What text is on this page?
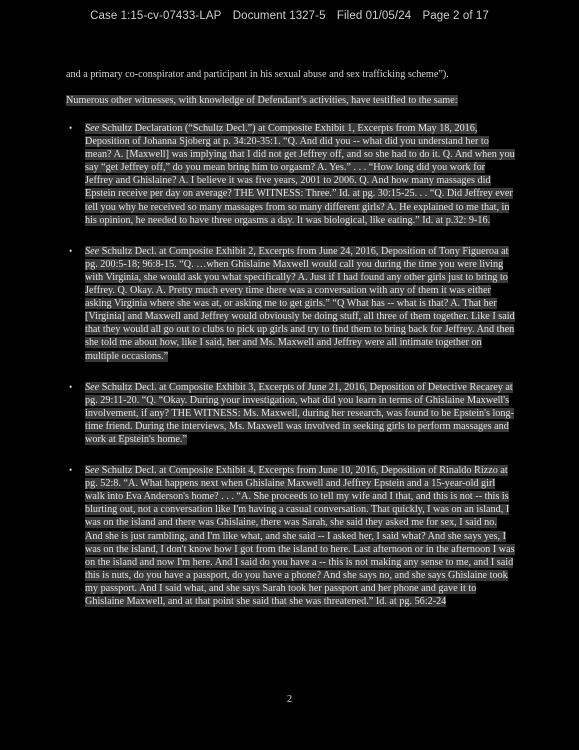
Case 1:15-cv-07433-LAP Document 1327-5 Filed 01/05/24 Page 2 of 17
and a primary co-conspirator and participant in his sexual abuse and sex trafficking scheme”).
Numerous other witnesses, with knowledge of Defendant’s activities, have testified to the same:
• See Schultz Declaration (“Schultz Decl.”) at Composite Exhibit 1, Excerpts from May 18, 2016, Deposition of Johanna Sjoberg at p. 34:20-35:1. “Q. And did you -- what did you understand her to mean? A. [Maxwell] was implying that I did not get Jeffrey off, and so she had to do it. Q. And when you say “get Jeffrey off,” do you mean bring him to orgasm? A. Yes.” . . . “How long did you work for Jeffrey and Ghislaine? A. I believe it was five years, 2001 to 2006. Q. And how many massages did Epstein receive per day on average? THE WITNESS: Three.” Id. at pg. 30:15-25. . . “Q. Did Jeffrey ever tell you why he received so many massages from so many different girls? A. He explained to me that, in his opinion, he needed to have three orgasms a day. It was biological, like eating.” Id. at p.32: 9-16.
• See Schultz Decl. at Composite Exhibit 2, Excerpts from June 24, 2016, Deposition of Tony Figueroa at pg. 200:5-18; 96:8-15. “Q. …when Ghislaine Maxwell would call you during the time you were living with Virginia, she would ask you what specifically? A. Just if I had found any other girls just to bring to Jeffrey. Q. Okay. A. Pretty much every time there was a conversation with any of them it was either asking Virginia where she was at, or asking me to get girls.” “Q What has -- what is that? A. That her [Virginia] and Maxwell and Jeffrey would obviously be doing stuff, all three of them together. Like I said that they would all go out to clubs to pick up girls and try to find them to bring back for Jeffrey. And then she told me about how, like I said, her and Ms. Maxwell and Jeffrey were all intimate together on multiple occasions.”
• See Schultz Decl. at Composite Exhibit 3, Excerpts of June 21, 2016, Deposition of Detective Recarey at pg. 29:11-20. “Q. “Okay. During your investigation, what did you learn in terms of Ghislaine Maxwell's involvement, if any? THE WITNESS: Ms. Maxwell, during her research, was found to be Epstein's long-time friend. During the interviews, Ms. Maxwell was involved in seeking girls to perform massages and work at Epstein's home.”
• See Schultz Decl. at Composite Exhibit 4, Excerpts from June 10, 2016, Deposition of Rinaldo Rizzo at pg. 52:8. “A. What happens next when Ghislaine Maxwell and Jeffrey Epstein and a 15-year-old girl walk into Eva Anderson's home? . . . “A. She proceeds to tell my wife and I that, and this is not -- this is blurting out, not a conversation like I'm having a casual conversation. That quickly, I was on an island, I was on the island and there was Ghislaine, there was Sarah, she said they asked me for sex, I said no. And she is just rambling, and I'm like what, and she said -- I asked her, I said what? And she says yes, I was on the island, I don't know how I got from the island to here. Last afternoon or in the afternoon I was on the island and now I'm here. And I said do you have a -- this is not making any sense to me, and I said this is nuts, do you have a passport, do you have a phone? And she says no, and she says Ghislaine took my passport. And I said what, and she says Sarah took her passport and her phone and gave it to Ghislaine Maxwell, and at that point she said that she was threatened.” Id. at pg. 56:2-24
2
